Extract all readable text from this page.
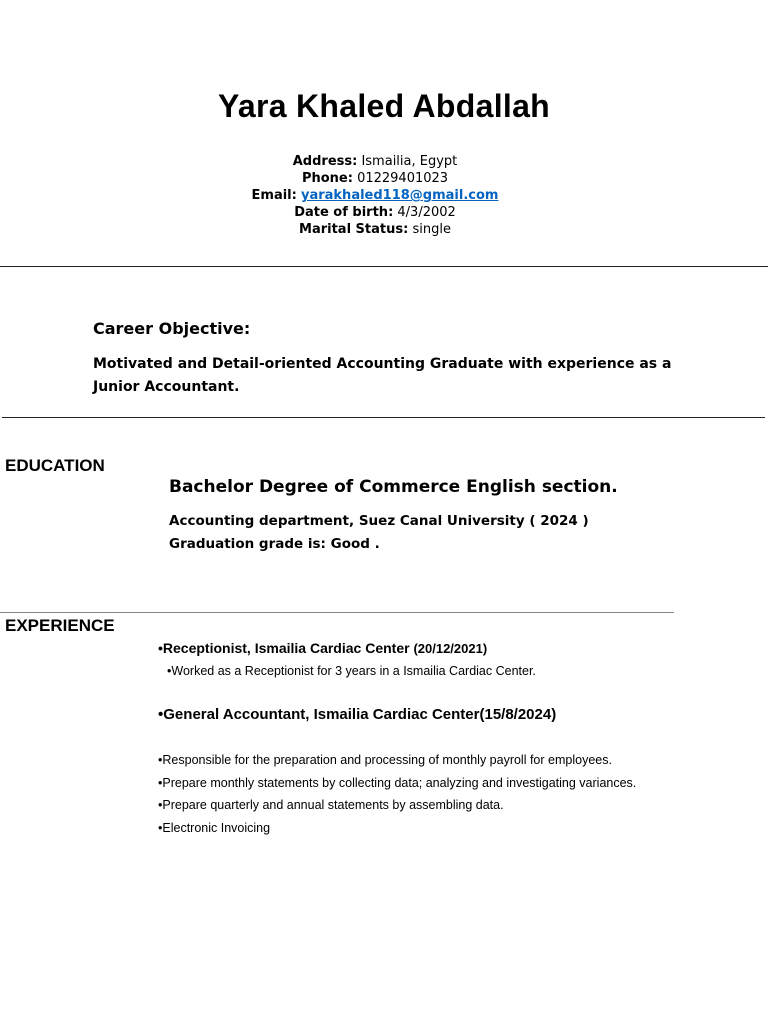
Yara Khaled Abdallah
Address: Ismailia, Egypt
Phone: 01229401023
Email: yarakhaled118@gmail.com
Date of birth: 4/3/2002
Marital Status: single
Career Objective:
Motivated and Detail-oriented Accounting Graduate with experience as a Junior Accountant.
EDUCATION
Bachelor Degree of Commerce English section.
Accounting department, Suez Canal University ( 2024 )
Graduation grade is: Good .
EXPERIENCE
•Receptionist, Ismailia Cardiac Center (20/12/2021)
•Worked as a Receptionist for 3 years in a Ismailia Cardiac Center.
•General Accountant, Ismailia Cardiac Center(15/8/2024)
•Responsible for the preparation and processing of monthly payroll for employees.
•Prepare monthly statements by collecting data; analyzing and investigating variances.
•Prepare quarterly and annual statements by assembling data.
•Electronic Invoicing
